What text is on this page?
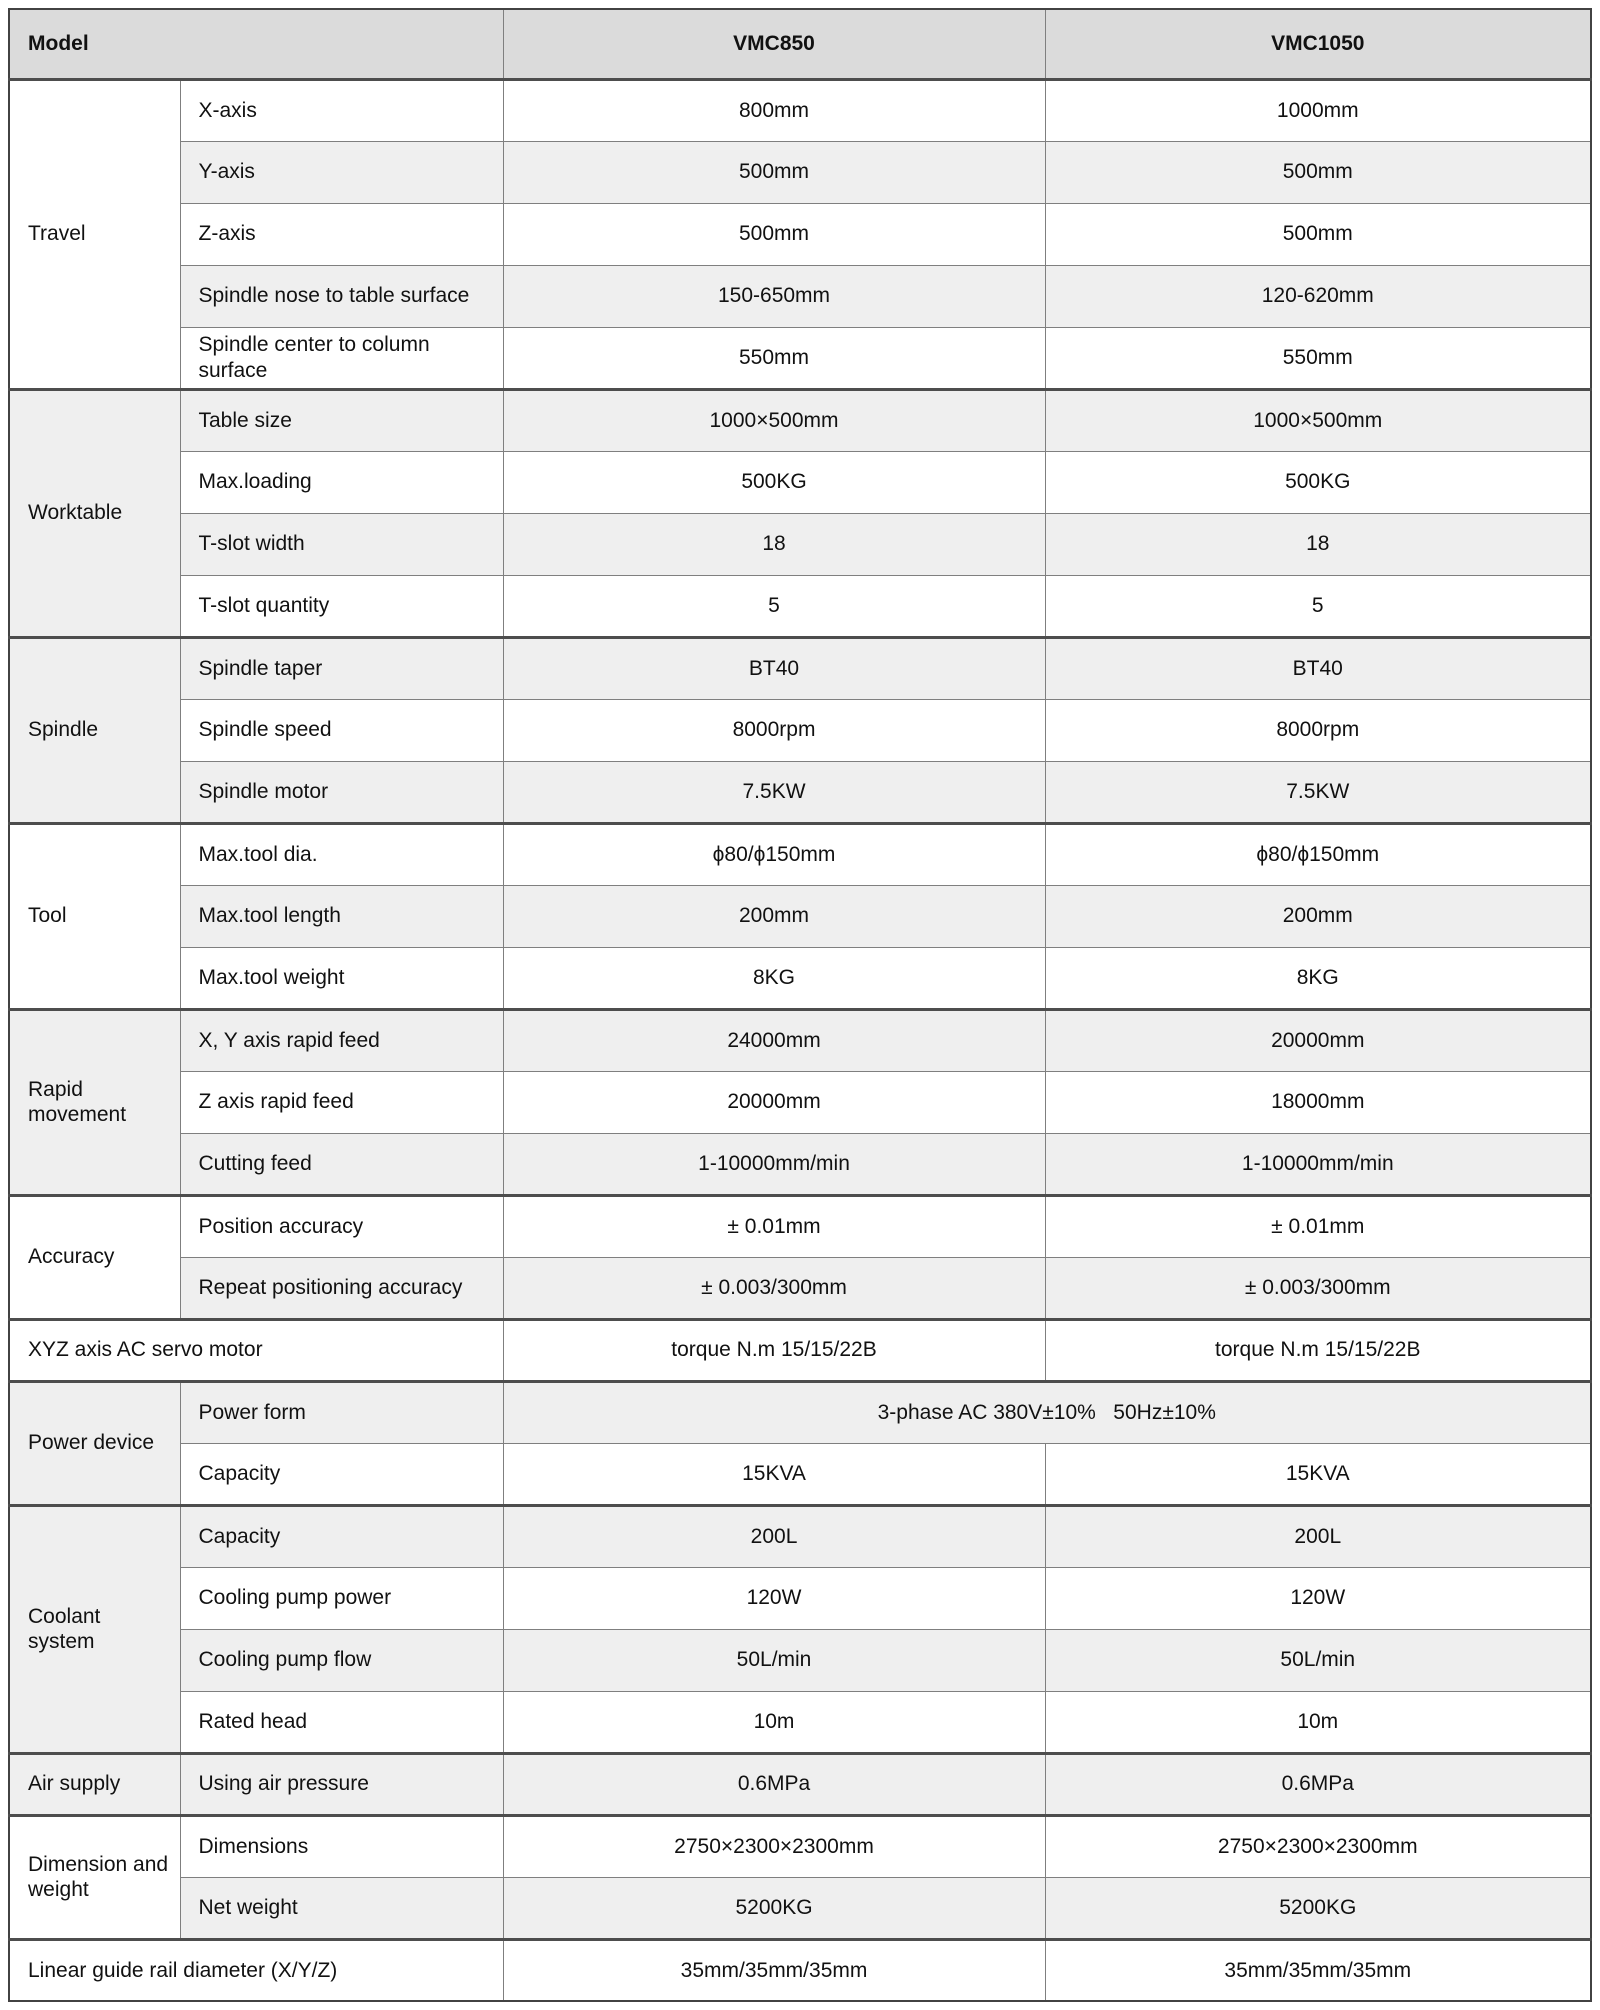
Model		VMC850	VMC1050
Travel	X-axis	800mm	1000mm
	Y-axis	500mm	500mm
	Z-axis	500mm	500mm
	Spindle nose to table surface	150-650mm	120-620mm
	Spindle center to column surface	550mm	550mm
Worktable	Table size	1000×500mm	1000×500mm
	Max.loading	500KG	500KG
	T-slot width	18	18
	T-slot quantity	5	5
Spindle	Spindle taper	BT40	BT40
	Spindle speed	8000rpm	8000rpm
	Spindle motor	7.5KW	7.5KW
Tool	Max.tool dia.	ϕ80/ϕ150mm	ϕ80/ϕ150mm
	Max.tool length	200mm	200mm
	Max.tool weight	8KG	8KG
Rapid movement	X, Y axis rapid feed	24000mm	20000mm
	Z axis rapid feed	20000mm	18000mm
	Cutting feed	1-10000mm/min	1-10000mm/min
Accuracy	Position accuracy	± 0.01mm	± 0.01mm
	Repeat positioning accuracy	± 0.003/300mm	± 0.003/300mm
XYZ axis AC servo motor		torque N.m 15/15/22B	torque N.m 15/15/22B
Power device	Power form	3-phase AC 380V±10%   50Hz±10%	
	Capacity	15KVA	15KVA
Coolant system	Capacity	200L	200L
	Cooling pump power	120W	120W
	Cooling pump flow	50L/min	50L/min
	Rated head	10m	10m
Air supply	Using air pressure	0.6MPa	0.6MPa
Dimension and weight	Dimensions	2750×2300×2300mm	2750×2300×2300mm
	Net weight	5200KG	5200KG
Linear guide rail diameter (X/Y/Z)		35mm/35mm/35mm	35mm/35mm/35mm
